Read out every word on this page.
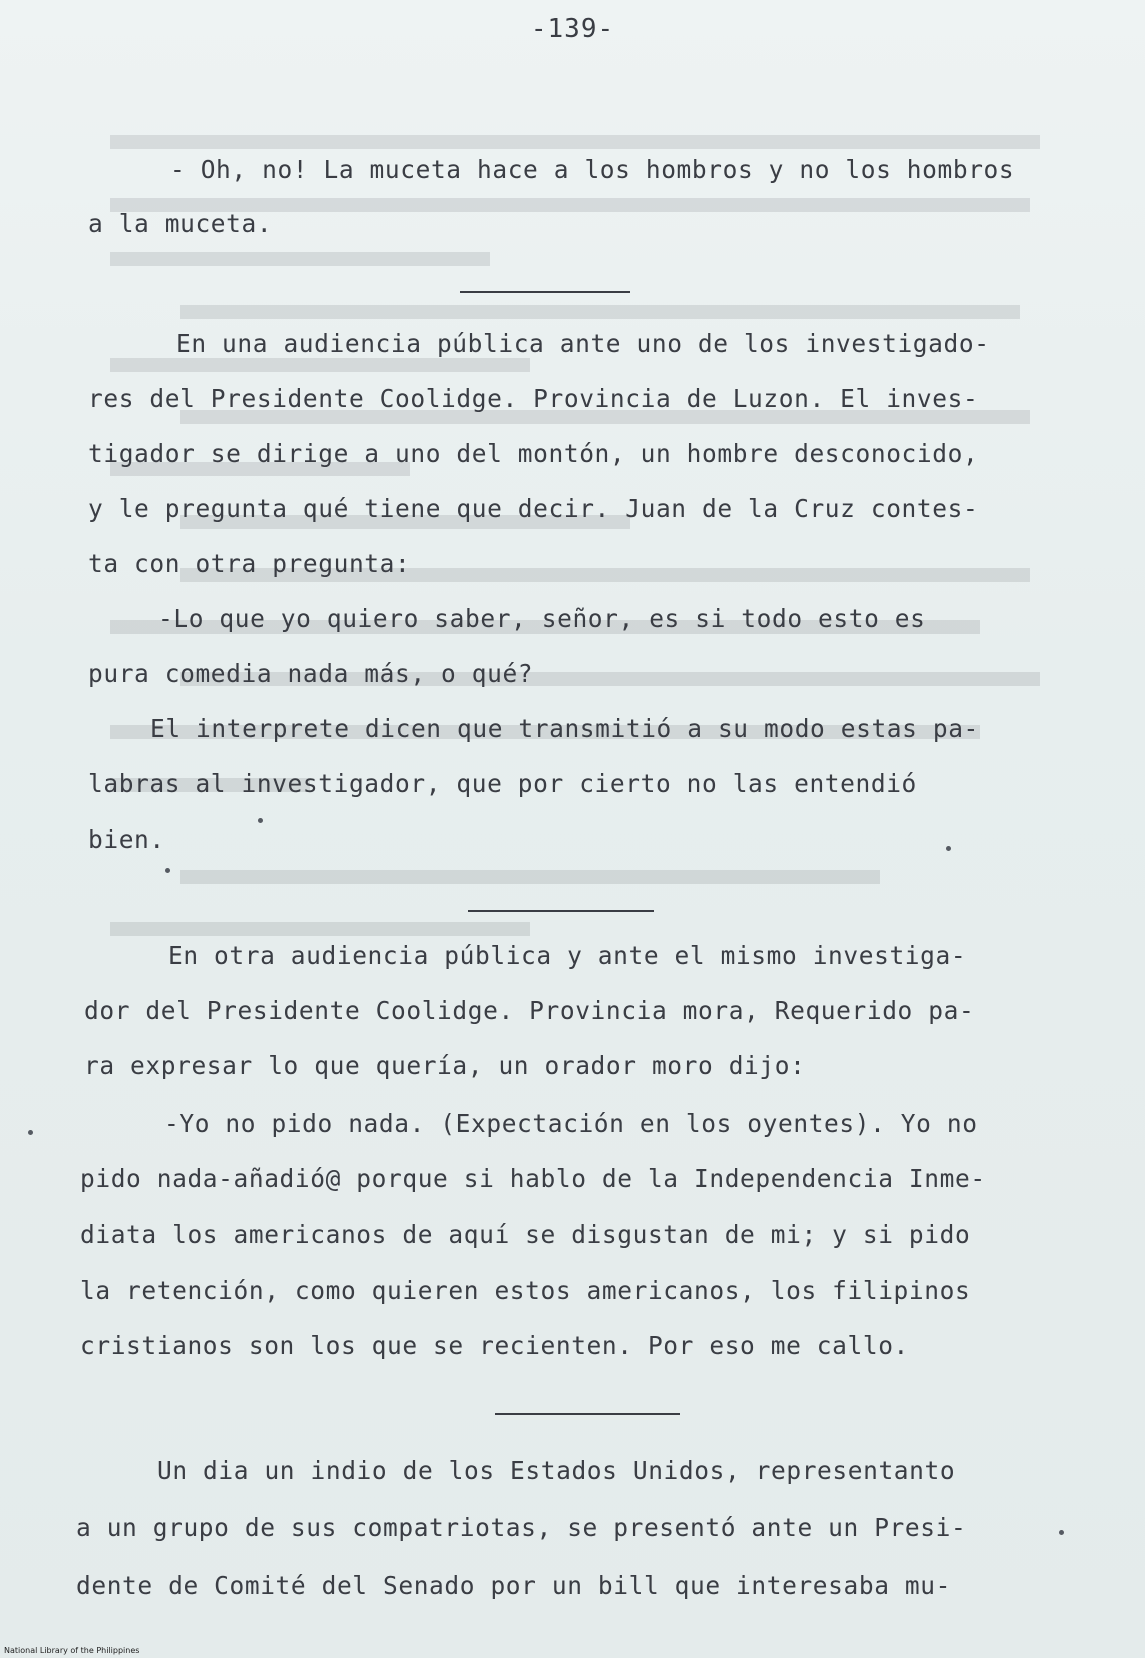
-139-
- Oh, no! La muceta hace a los hombros y no los hombros
a la muceta.
En una audiencia pública ante uno de los investigado-
res del Presidente Coolidge. Provincia de Luzon. El inves-
tigador se dirige a uno del montón, un hombre desconocido,
y le pregunta qué tiene que decir. Juan de la Cruz contes-
ta con otra pregunta:
-Lo que yo quiero saber, señor, es si todo esto es
pura comedia nada más, o qué?
El interprete dicen que transmitió a su modo estas pa-
labras al investigador, que por cierto no las entendió
bien.
En otra audiencia pública y ante el mismo investiga-
dor del Presidente Coolidge. Provincia mora, Requerido pa-
ra expresar lo que quería, un orador moro dijo:
-Yo no pido nada. (Expectación en los oyentes). Yo no
pido nada-añadió@ porque si hablo de la Independencia Inme-
diata los americanos de aquí se disgustan de mi; y si pido
la retención, como quieren estos americanos, los filipinos
cristianos son los que se recienten. Por eso me callo.
Un dia un indio de los Estados Unidos, representanto
a un grupo de sus compatriotas, se presentó ante un Presi-
dente de Comité del Senado por un bill que interesaba mu-
National Library of the Philippines
